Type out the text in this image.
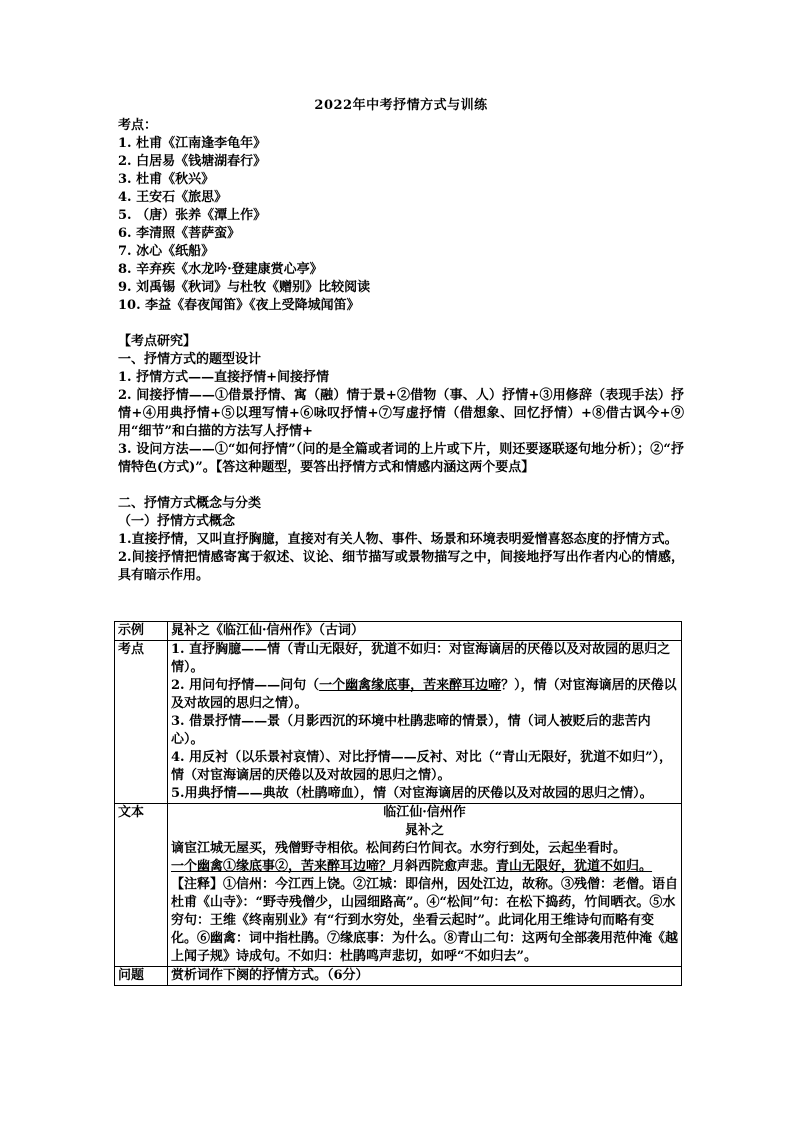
2022年中考抒情方式与训练
考点：
1. 杜甫《江南逢李龟年》
2. 白居易《钱塘湖春行》
3. 杜甫《秋兴》
4. 王安石《旅思》
5. （唐）张养《潭上作》
6. 李清照《菩萨蛮》
7. 冰心《纸船》
8. 辛弃疾《水龙吟·登建康赏心亭》
9. 刘禹锡《秋词》与杜牧《赠别》比较阅读
10. 李益《春夜闻笛》《夜上受降城闻笛》
【考点研究】
一、抒情方式的题型设计
1. 抒情方式——直接抒情+间接抒情
2. 间接抒情——①借景抒情、寓（融）情于景+②借物（事、人）抒情+③用修辞（表现手法）抒情+④用典抒情+⑤以理写情+⑥咏叹抒情+⑦写虚抒情（借想象、回忆抒情）+⑧借古讽今+⑨用“细节”和白描的方法写人抒情+
3. 设问方法——①“如何抒情”（问的是全篇或者词的上片或下片，则还要逐联逐句地分析）；②“抒情特色(方式)”。【答这种题型，要答出抒情方式和情感内涵这两个要点】
二、抒情方式概念与分类
（一）抒情方式概念
1.直接抒情，又叫直抒胸臆，直接对有关人物、事件、场景和环境表明爱憎喜怒态度的抒情方式。
2.间接抒情把情感寄寓于叙述、议论、细节描写或景物描写之中，间接地抒写出作者内心的情感，具有暗示作用。
示例	晁补之《临江仙·信州作》（古词）
考点	1. 直抒胸臆——情（青山无限好，犹道不如归：对宦海谪居的厌倦以及对故园的思归之情）。
2. 用问句抒情——问句（一个幽禽缘底事，苦来醉耳边啼？），情（对宦海谪居的厌倦以及对故园的思归之情）。
3. 借景抒情——景（月影西沉的环境中杜鹃悲啼的情景），情（词人被贬后的悲苦内心）。
4. 用反衬（以乐景衬哀情）、对比抒情——反衬、对比（“青山无限好，犹道不如归”），情（对宦海谪居的厌倦以及对故园的思归之情）。
5.用典抒情——典故（杜鹃啼血），情（对宦海谪居的厌倦以及对故园的思归之情）。

文本	临江仙·信州作
晁补之
谪宦江城无屋买，残僧野寺相依。松间药臼竹间衣。水穷行到处，云起坐看时。
一个幽禽①缘底事②，苦来醉耳边啼？月斜西院愈声悲。青山无限好，犹道不如归。
【注释】①信州：今江西上饶。②江城：即信州，因处江边，故称。③残僧：老僧。语自杜甫《山寺》：“野寺残僧少，山园细路高”。④“松间”句：在松下捣药，竹间晒衣。⑤水穷句：王维《终南别业》有“行到水穷处，坐看云起时”。此词化用王维诗句而略有变化。⑥幽禽：词中指杜鹃。⑦缘底事：为什么。⑧青山二句：这两句全部袭用范仲淹《越上闻子规》诗成句。不如归：杜鹃鸣声悲切，如呼“不如归去”。

问题	赏析词作下阕的抒情方式。（6分）
